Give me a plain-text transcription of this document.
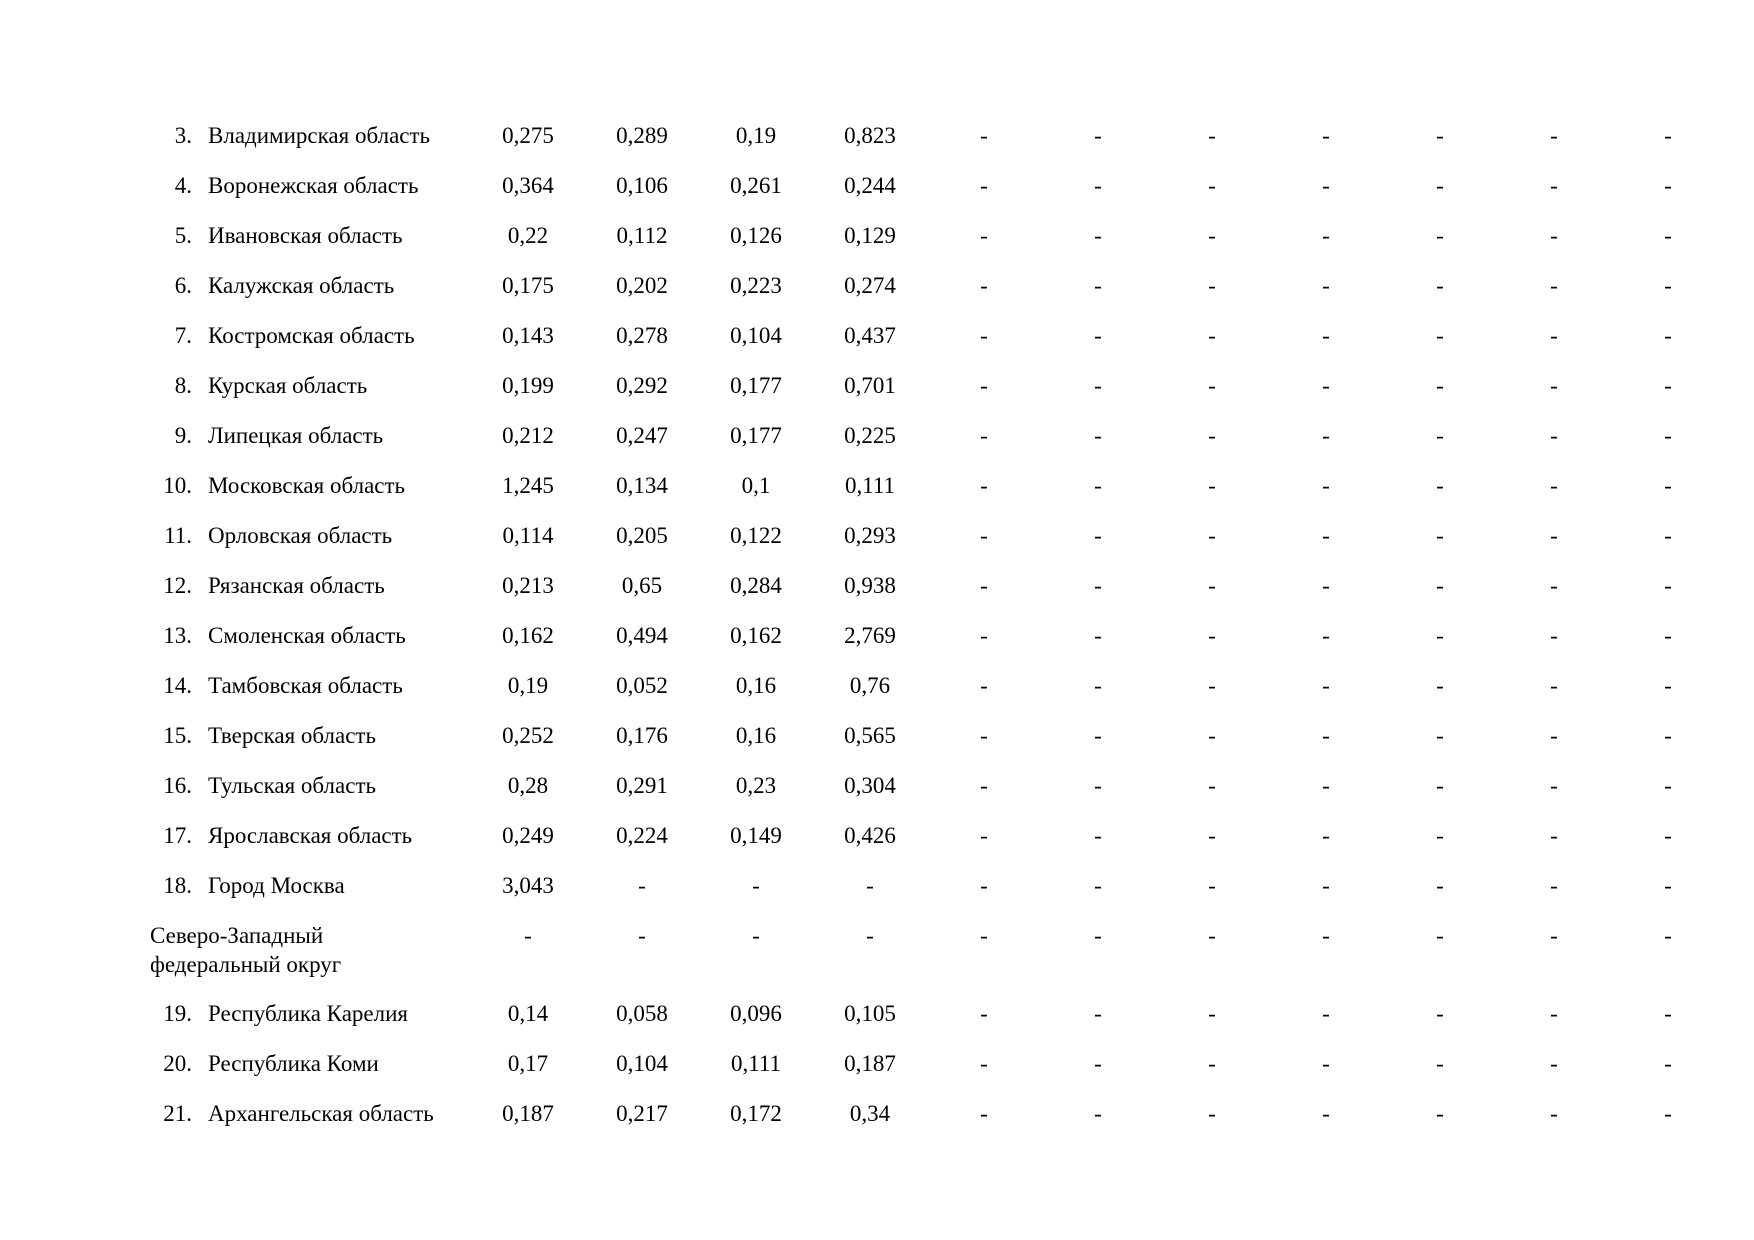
3.	Владимирская область	0,275	0,289	0,19	0,823	-	-	-	-	-	-	-
4.	Воронежская область	0,364	0,106	0,261	0,244	-	-	-	-	-	-	-
5.	Ивановская область	0,22	0,112	0,126	0,129	-	-	-	-	-	-	-
6.	Калужская область	0,175	0,202	0,223	0,274	-	-	-	-	-	-	-
7.	Костромская область	0,143	0,278	0,104	0,437	-	-	-	-	-	-	-
8.	Курская область	0,199	0,292	0,177	0,701	-	-	-	-	-	-	-
9.	Липецкая область	0,212	0,247	0,177	0,225	-	-	-	-	-	-	-
10.	Московская область	1,245	0,134	0,1	0,111	-	-	-	-	-	-	-
11.	Орловская область	0,114	0,205	0,122	0,293	-	-	-	-	-	-	-
12.	Рязанская область	0,213	0,65	0,284	0,938	-	-	-	-	-	-	-
13.	Смоленская область	0,162	0,494	0,162	2,769	-	-	-	-	-	-	-
14.	Тамбовская область	0,19	0,052	0,16	0,76	-	-	-	-	-	-	-
15.	Тверская область	0,252	0,176	0,16	0,565	-	-	-	-	-	-	-
16.	Тульская область	0,28	0,291	0,23	0,304	-	-	-	-	-	-	-
17.	Ярославская область	0,249	0,224	0,149	0,426	-	-	-	-	-	-	-
18.	Город Москва	3,043	-	-	-	-	-	-	-	-	-	-
Северо-Западный федеральный округ		-	-	-	-	-	-	-	-	-	-	-
19.	Республика Карелия	0,14	0,058	0,096	0,105	-	-	-	-	-	-	-
20.	Республика Коми	0,17	0,104	0,111	0,187	-	-	-	-	-	-	-
21.	Архангельская область	0,187	0,217	0,172	0,34	-	-	-	-	-	-	-
